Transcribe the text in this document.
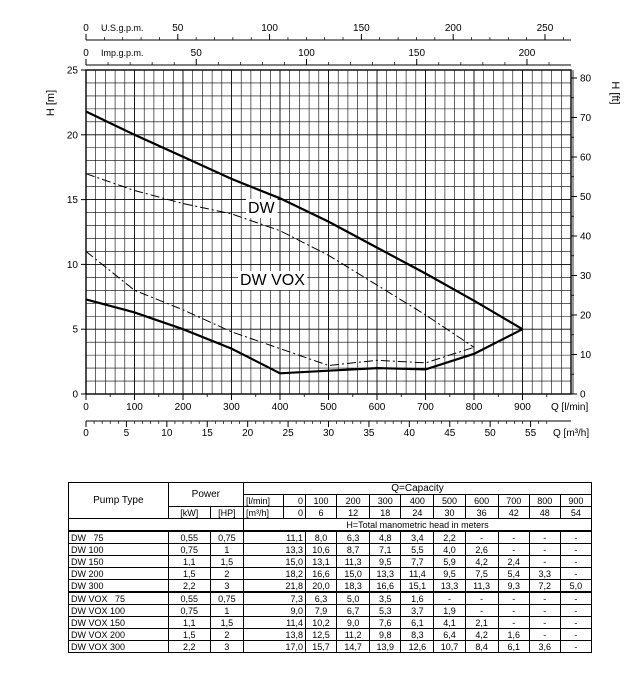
0
5
10
15
20
25
H [m]
0
10
20
30
40
50
60
70
80
H [ft]
0	100	200	300	400	500	600	700	800	900 Q [l/min]
0	5	10	15	20	25	30	35	40	45	50	55 Q [m³/h]
0	50	100	150	200	250
U.S.g.p.m.
0	50	100	150	200
Imp.g.p.m.
DW
DW VOX
Pump Type	Power		Q=Capacity										
			[l/min]	0	100	200	300	400	500	600	700	800	900
	[kW]	[HP]	[m³/h]	0	6	12	18	24	30	36	42	48	54
			H=Total manometric head in meters										
DW   75	0,55	0,75	11,1		8,0	6,3	4,8	3,4	2,2	-	-	-	-
DW 100	0,75	1	13,3		10,6	8,7	7,1	5,5	4,0	2,6	-	-	-
DW 150	1,1	1,5	15,0		13,1	11,3	9,5	7,7	5,9	4,2	2,4	-	-
DW 200	1,5	2	18,2		16,6	15,0	13,3	11,4	9,5	7,5	5,4	3,3	-
DW 300	2,2	3	21,8		20,0	18,3	16,6	15,1	13,3	11,3	9,3	7,2	5,0
DW VOX   75	0,55	0,75	7,3		6,3	5,0	3,5	1,6	-	-	-	-	-
DW VOX 100	0,75	1	9,0		7,9	6,7	5,3	3,7	1,9	-	-	-	-
DW VOX 150	1,1	1,5	11,4		10,2	9,0	7,6	6,1	4,1	2,1	-	-	-
DW VOX 200	1,5	2	13,8		12,5	11,2	9,8	8,3	6,4	4,2	1,6	-	-
DW VOX 300	2,2	3	17,0		15,7	14,7	13,9	12,6	10,7	8,4	6,1	3,6	-
